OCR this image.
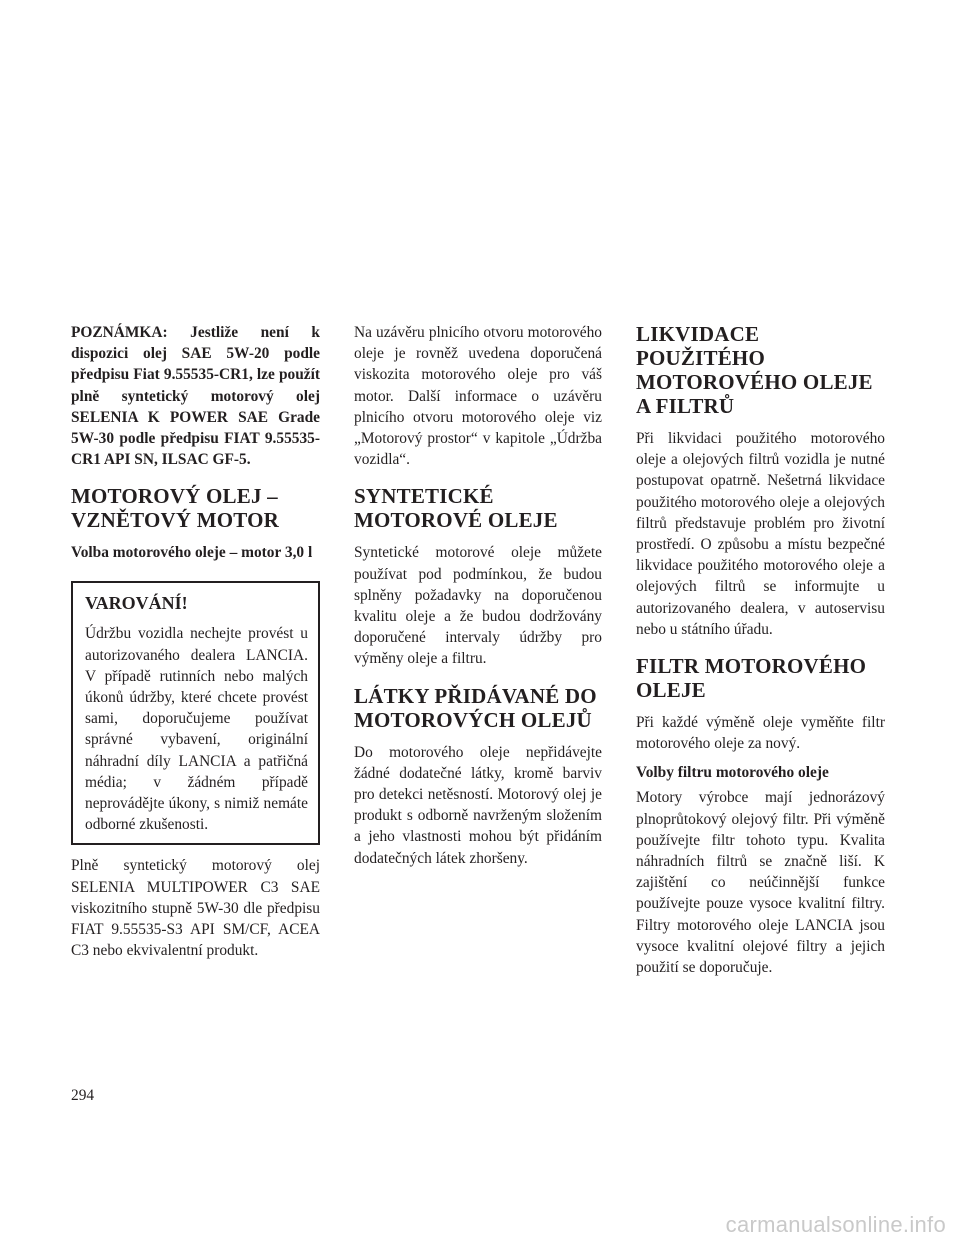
POZNÁMKA: Jestliže není k dispozici olej SAE 5W-20 podle předpisu Fiat 9.55535-CR1, lze použít plně syntetický motorový olej SELENIA K POWER SAE Grade 5W-30 podle předpisu FIAT 9.55535-CR1 API SN, ILSAC GF-5.

MOTOROVÝ OLEJ – VZNĚTOVÝ MOTOR
Volba motorového oleje – motor 3,0 l
VAROVÁNÍ!

Údržbu vozidla nechejte provést u autorizovaného dealera LANCIA. V případě rutinních nebo malých úkonů údržby, které chcete provést sami, doporučujeme používat správné vybavení, originální náhradní díly LANCIA a patřičná média; v žádném případě neprovádějte úkony, s nimiž nemáte odborné zkušenosti.

Plně syntetický motorový olej SELENIA MULTIPOWER C3 SAE viskozitního stupně 5W-30 dle předpisu FIAT 9.55535-S3 API SM/CF, ACEA C3 nebo ekvivalentní produkt.

Na uzávěru plnicího otvoru motorového oleje je rovněž uvedena doporučená viskozita motorového oleje pro váš motor. Další informace o uzávěru plnicího otvoru motorového oleje viz „Motorový prostor“ v kapitole „Údržba vozidla“.

SYNTETICKÉ MOTOROVÉ OLEJE

Syntetické motorové oleje můžete používat pod podmínkou, že budou splněny požadavky na doporučenou kvalitu oleje a že budou dodržovány doporučené intervaly údržby pro výměny oleje a filtru.

LÁTKY PŘIDÁVANÉ DO MOTOROVÝCH OLEJŮ

Do motorového oleje nepřidávejte žádné dodatečné látky, kromě barviv pro detekci netěsností. Motorový olej je produkt s odborně navrženým složením a jeho vlastnosti mohou být přidáním dodatečných látek zhoršeny.

LIKVIDACE POUŽITÉHO MOTOROVÉHO OLEJE A FILTRŮ

Při likvidaci použitého motorového oleje a olejových filtrů vozidla je nutné postupovat opatrně. Nešetrná likvidace použitého motorového oleje a olejových filtrů představuje problém pro životní prostředí. O způsobu a místu bezpečné likvidace použitého motorového oleje a olejových filtrů se informujte u autorizovaného dealera, v autoservisu nebo u státního úřadu.

FILTR MOTOROVÉHO OLEJE

Při každé výměně oleje vyměňte filtr motorového oleje za nový.

Volby filtru motorového oleje

Motory výrobce mají jednorázový plnoprůtokový olejový filtr. Při výměně používejte filtr tohoto typu. Kvalita náhradních filtrů se značně liší. K zajištění co neúčinnější funkce používejte pouze vysoce kvalitní filtry. Filtry motorového oleje LANCIA jsou vysoce kvalitní olejové filtry a jejich použití se doporučuje.

294
carmanualsonline.info
